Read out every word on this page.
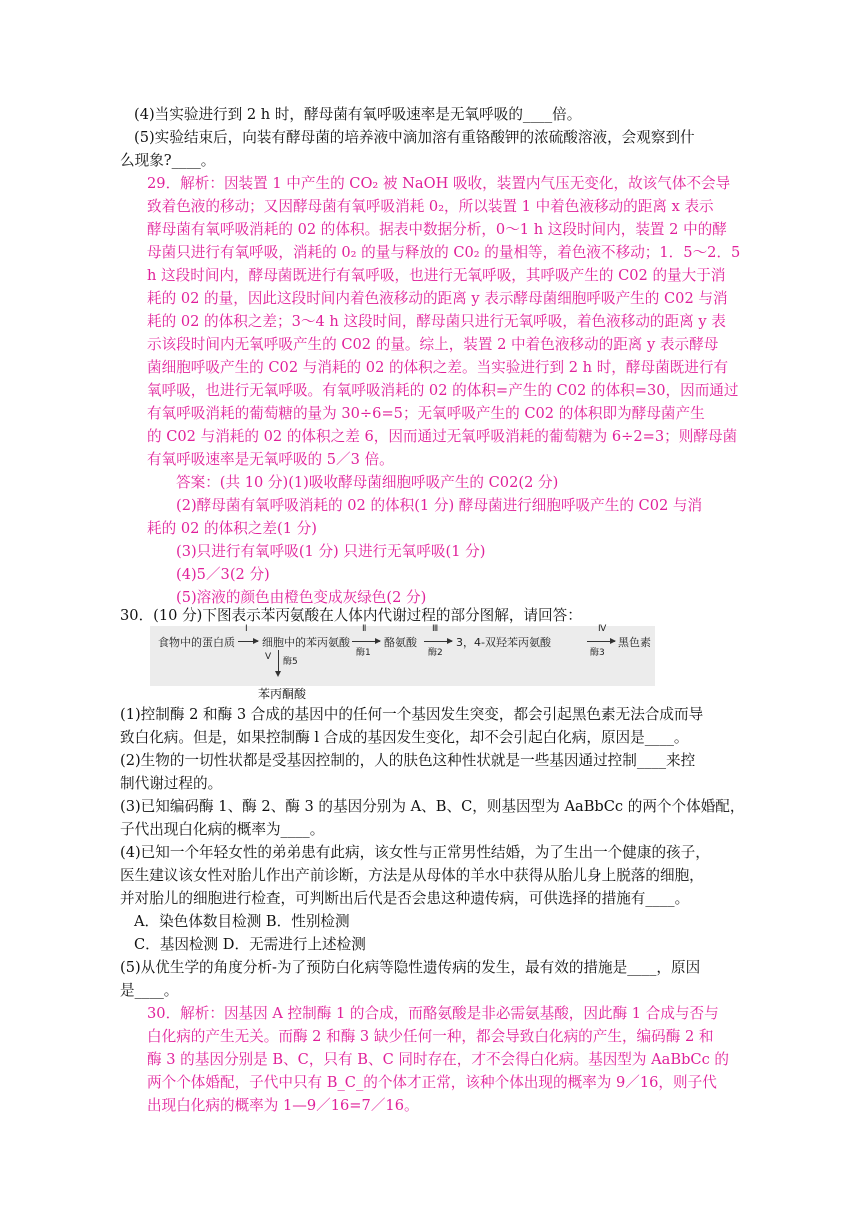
(4)当实验进行到 2 h 时，酵母菌有氧呼吸速率是无氧呼吸的____倍。
(5)实验结束后，向装有酵母菌的培养液中滴加溶有重铬酸钾的浓硫酸溶液，会观察到什
么现象?____。
29．解析：因装置 1 中产生的 CO₂ 被 NaOH 吸收，装置内气压无变化，故该气体不会导
致着色液的移动；又因酵母菌有氧呼吸消耗 0₂，所以装置 1 中着色液移动的距离 x 表示
酵母菌有氧呼吸消耗的 02 的体积。据表中数据分析，0～1 h 这段时间内，装置 2 中的酵
母菌只进行有氧呼吸，消耗的 0₂ 的量与释放的 C0₂ 的量相等，着色液不移动；1．5～2．5
h 这段时间内，酵母菌既进行有氧呼吸，也进行无氧呼吸，其呼吸产生的 C02 的量大于消
耗的 02 的量，因此这段时间内着色液移动的距离 y 表示酵母菌细胞呼吸产生的 C02 与消
耗的 02 的体积之差；3～4 h 这段时间，酵母菌只进行无氧呼吸，着色液移动的距离 y 表
示该段时间内无氧呼吸产生的 C02 的量。综上，装置 2 中着色液移动的距离 y 表示酵母
菌细胞呼吸产生的 C02 与消耗的 02 的体积之差。当实验进行到 2 h 时，酵母菌既进行有
氧呼吸，也进行无氧呼吸。有氧呼吸消耗的 02 的体积=产生的 C02 的体积=30，因而通过
有氧呼吸消耗的葡萄糖的量为 30÷6=5；无氧呼吸产生的 C02 的体积即为酵母菌产生
的 C02 与消耗的 02 的体积之差 6，因而通过无氧呼吸消耗的葡萄糖为 6÷2=3；则酵母菌
有氧呼吸速率是无氧呼吸的 5／3 倍。
答案：(共 10 分)(1)吸收酵母菌细胞呼吸产生的 C02(2 分)
(2)酵母菌有氧呼吸消耗的 02 的体积(1 分) 酵母菌进行细胞呼吸产生的 C02 与消
耗的 02 的体积之差(1 分)
(3)只进行有氧呼吸(1 分) 只进行无氧呼吸(1 分)
(4)5／3(2 分)
(5)溶液的颜色由橙色变成灰绿色(2 分)
30．(10 分)下图表示苯丙氨酸在人体内代谢过程的部分图解，请回答：
食物中的蛋白质
Ⅰ
细胞中的苯丙氨酸
Ⅱ
酶1
酪氨酸
Ⅲ
酶2
3，4-双羟苯丙氨酸
Ⅳ
酶3
黑色素
Ⅴ 酶5
苯丙酮酸
(1)控制酶 2 和酶 3 合成的基因中的任何一个基因发生突变，都会引起黑色素无法合成而导
致白化病。但是，如果控制酶 l 合成的基因发生变化，却不会引起白化病，原因是____。
(2)生物的一切性状都是受基因控制的，人的肤色这种性状就是一些基因通过控制____来控
制代谢过程的。
(3)已知编码酶 1、酶 2、酶 3 的基因分别为 A、B、C，则基因型为 AaBbCc 的两个个体婚配，
子代出现白化病的概率为____。
(4)已知一个年轻女性的弟弟患有此病，该女性与正常男性结婚，为了生出一个健康的孩子，
医生建议该女性对胎儿作出产前诊断，方法是从母体的羊水中获得从胎儿身上脱落的细胞，
并对胎儿的细胞进行检查，可判断出后代是否会患这种遗传病，可供选择的措施有____。
A．染色体数目检测 B．性别检测
C．基因检测 D．无需进行上述检测
(5)从优生学的角度分析-为了预防白化病等隐性遗传病的发生，最有效的措施是____，原因
是____。
30．解析：因基因 A 控制酶 1 的合成，而酪氨酸是非必需氨基酸，因此酶 1 合成与否与
白化病的产生无关。而酶 2 和酶 3 缺少任何一种，都会导致白化病的产生，编码酶 2 和
酶 3 的基因分别是 B、C，只有 B、C 同时存在，才不会得白化病。基因型为 AaBbCc 的
两个个体婚配，子代中只有 B_C_的个体才正常，该种个体出现的概率为 9／16，则子代
出现白化病的概率为 1—9／16=7／16。
